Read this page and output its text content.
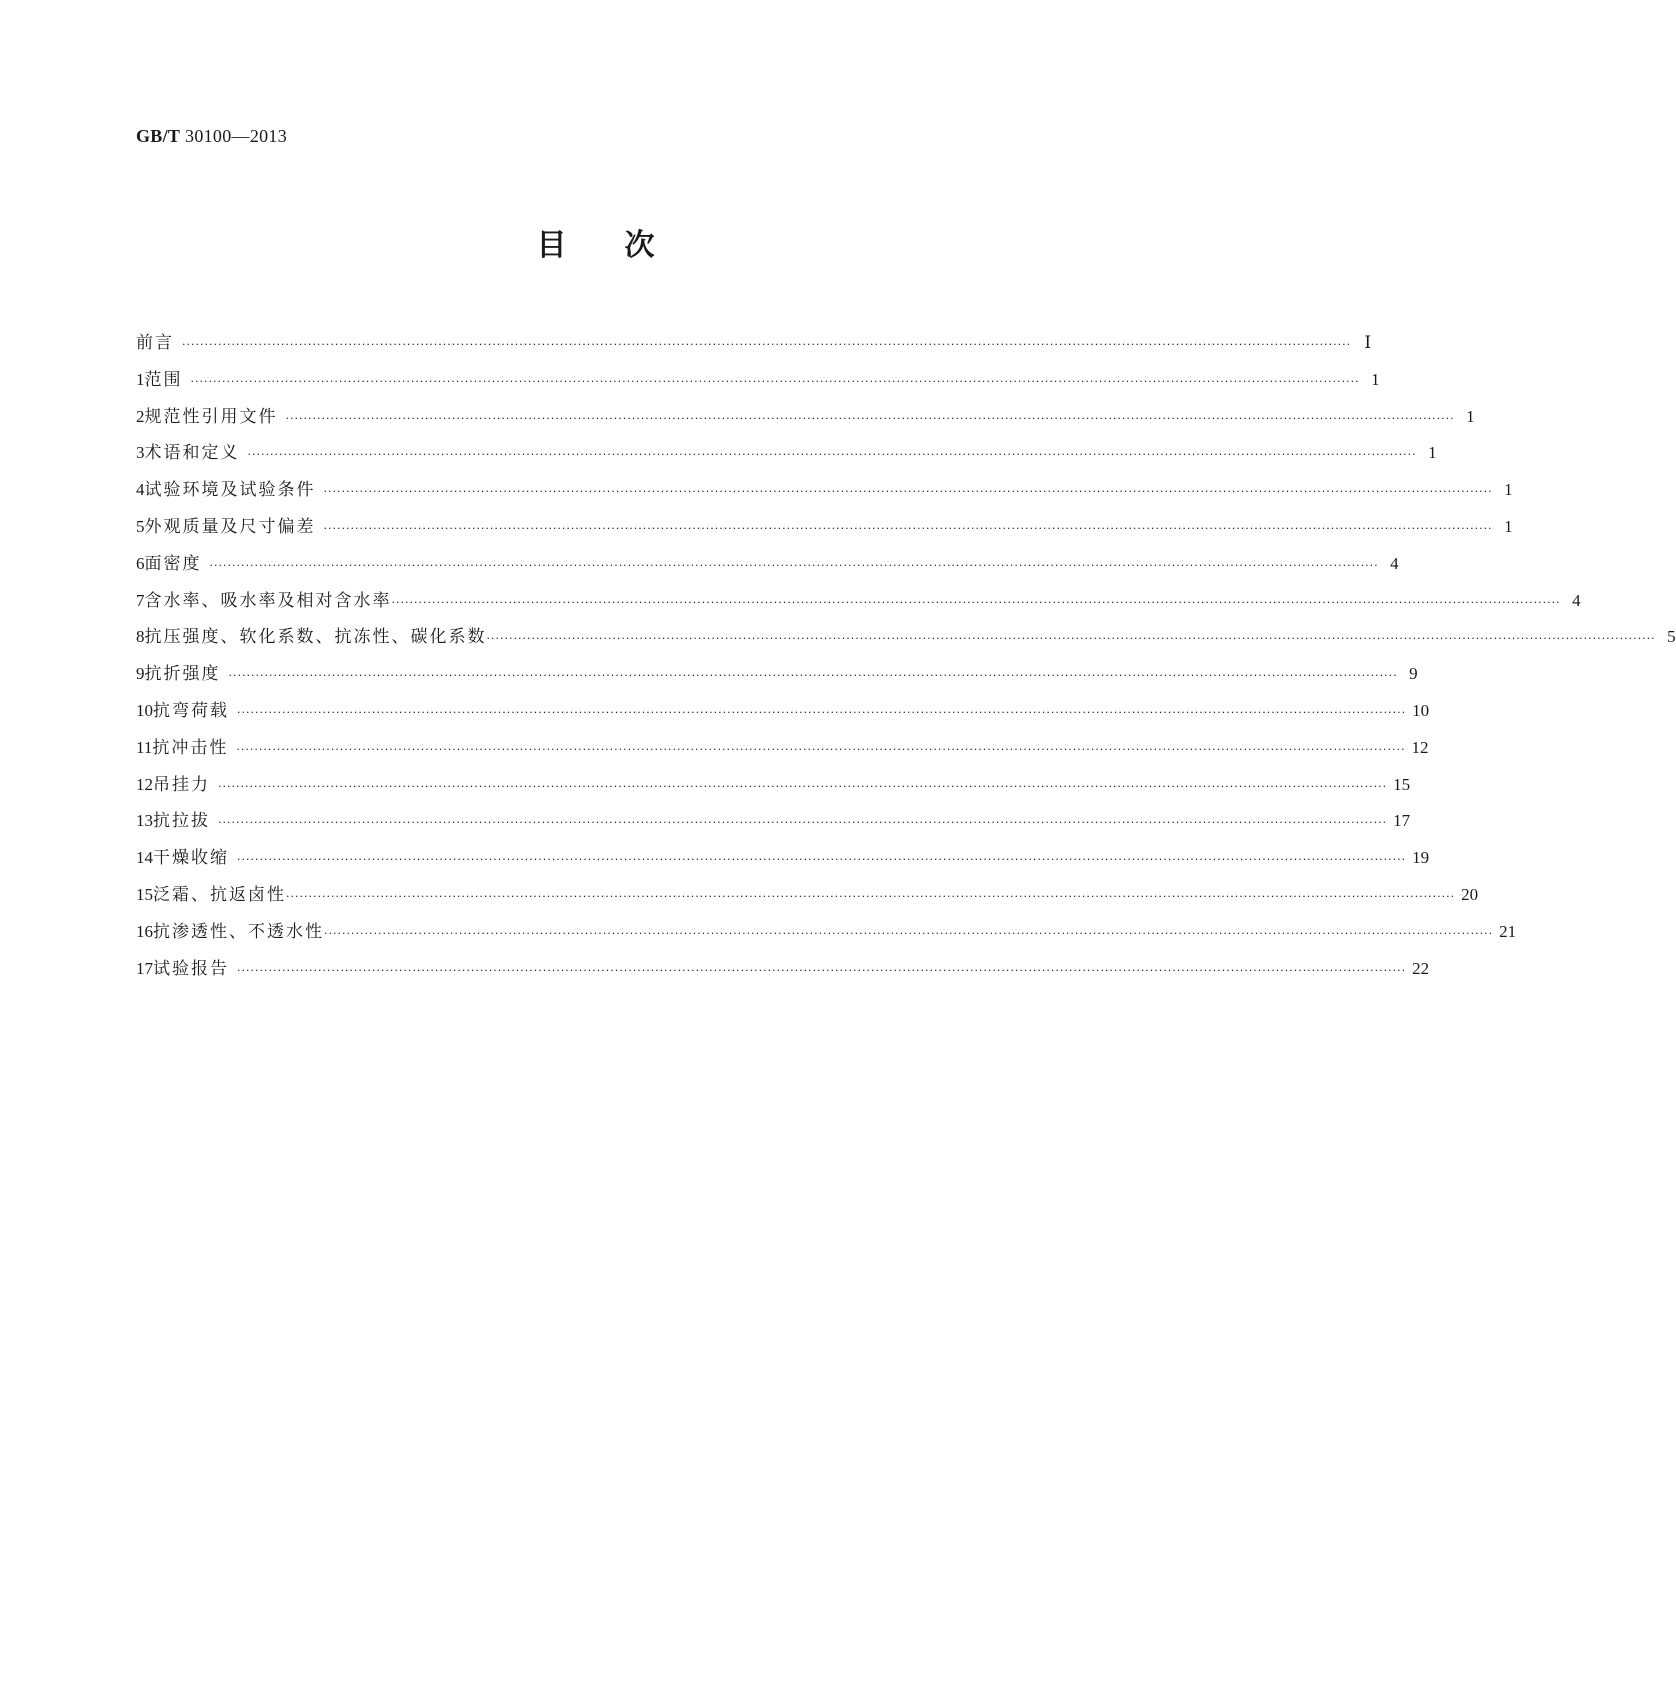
GB/T 30100—2013
目次
前言 ···································································································································································································································································· Ⅰ
1 范围 ···································································································································································································································································· 1
2 规范性引用文件 ···································································································································································································································································· 1
3 术语和定义 ···································································································································································································································································· 1
4 试验环境及试验条件 ···································································································································································································································································· 1
5 外观质量及尺寸偏差 ···································································································································································································································································· 1
6 面密度 ···································································································································································································································································· 4
7 含水率、吸水率及相对含水率 ···································································································································································································································································· 4
8 抗压强度、软化系数、抗冻性、碳化系数 ···································································································································································································································································· 5
9 抗折强度 ···································································································································································································································································· 9
10 抗弯荷载 ···································································································································································································································································· 10
11 抗冲击性 ···································································································································································································································································· 12
12 吊挂力 ···································································································································································································································································· 15
13 抗拉拔 ···································································································································································································································································· 17
14 干燥收缩 ···································································································································································································································································· 19
15 泛霜、抗返卤性 ···································································································································································································································································· 20
16 抗渗透性、不透水性 ···································································································································································································································································· 21
17 试验报告 ···································································································································································································································································· 22
